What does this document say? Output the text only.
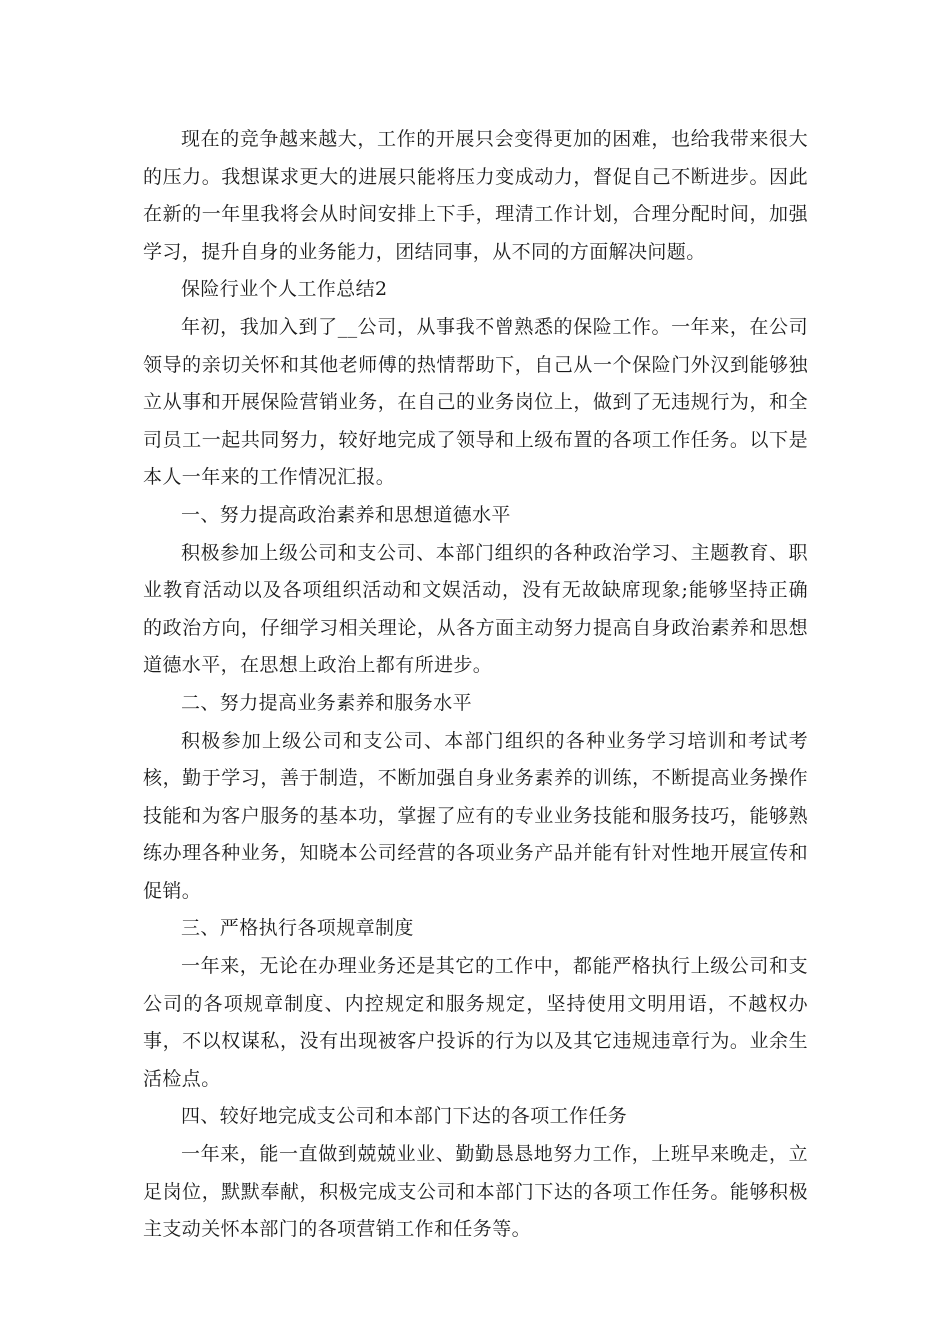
现在的竞争越来越大，工作的开展只会变得更加的困难，也给我带来很大的压力。我想谋求更大的进展只能将压力变成动力，督促自己不断进步。因此在新的一年里我将会从时间安排上下手，理清工作计划，合理分配时间，加强学习，提升自身的业务能力，团结同事，从不同的方面解决问题。

保险行业个人工作总结2

年初，我加入到了__公司，从事我不曾熟悉的保险工作。一年来，在公司领导的亲切关怀和其他老师傅的热情帮助下，自己从一个保险门外汉到能够独立从事和开展保险营销业务，在自己的业务岗位上，做到了无违规行为，和全司员工一起共同努力，较好地完成了领导和上级布置的各项工作任务。以下是本人一年来的工作情况汇报。

一、努力提高政治素养和思想道德水平

积极参加上级公司和支公司、本部门组织的各种政治学习、主题教育、职业教育活动以及各项组织活动和文娱活动，没有无故缺席现象;能够坚持正确的政治方向，仔细学习相关理论，从各方面主动努力提高自身政治素养和思想道德水平，在思想上政治上都有所进步。

二、努力提高业务素养和服务水平

积极参加上级公司和支公司、本部门组织的各种业务学习培训和考试考核，勤于学习，善于制造，不断加强自身业务素养的训练，不断提高业务操作技能和为客户服务的基本功，掌握了应有的专业业务技能和服务技巧，能够熟练办理各种业务，知晓本公司经营的各项业务产品并能有针对性地开展宣传和促销。

三、严格执行各项规章制度

一年来，无论在办理业务还是其它的工作中，都能严格执行上级公司和支公司的各项规章制度、内控规定和服务规定，坚持使用文明用语，不越权办事，不以权谋私，没有出现被客户投诉的行为以及其它违规违章行为。业余生活检点。

四、较好地完成支公司和本部门下达的各项工作任务

一年来，能一直做到兢兢业业、勤勤恳恳地努力工作，上班早来晚走，立足岗位，默默奉献，积极完成支公司和本部门下达的各项工作任务。能够积极主支动关怀本部门的各项营销工作和任务等。
